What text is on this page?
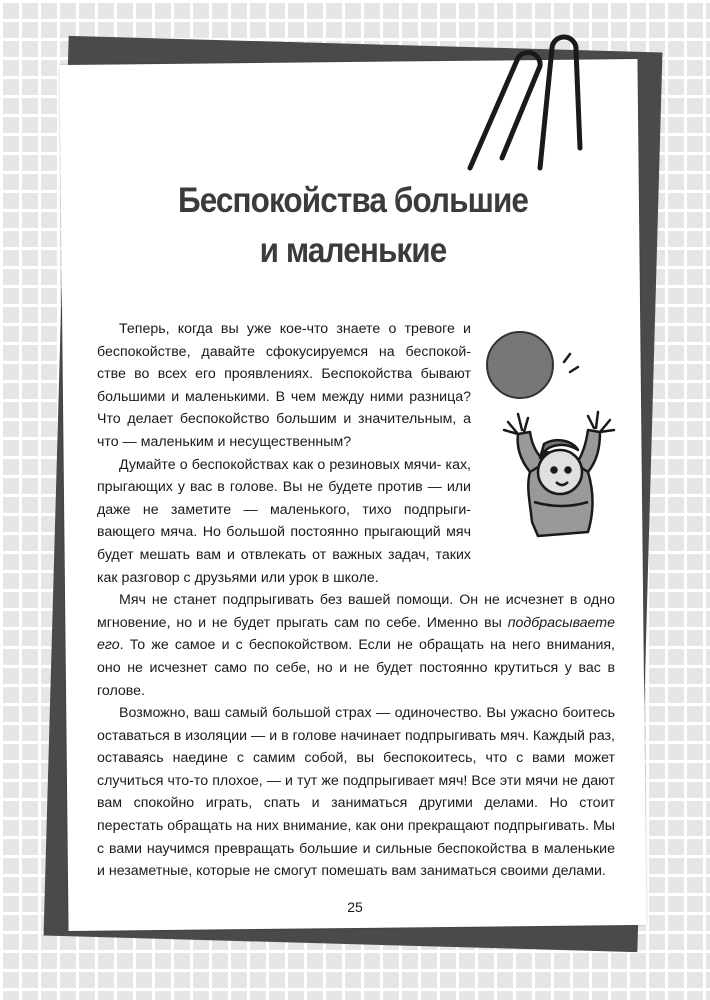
Беспокойства большие
и маленькие

Теперь, когда вы уже кое-что знаете о тревоге и беспокойстве, давайте сфокусируемся на беспокой- стве во всех его проявлениях. Беспокойства бывают большими и маленькими. В чем между ними разница? Что делает беспокойство большим и значительным, а что — маленьким и несущественным?

Думайте о беспокойствах как о резиновых мячи- ках, прыгающих у вас в голове. Вы не будете против — или даже не заметите — маленького, тихо подпрыги- вающего мяча. Но большой постоянно прыгающий мяч будет мешать вам и отвлекать от важных задач, таких как разговор с друзьями или урок в школе.

Мяч не станет подпрыгивать без вашей помощи. Он не исчезнет в одно мгновение, но и не будет прыгать сам по себе. Именно вы подбрасываете его. То же самое и с беспокойством. Если не обращать на него внимания, оно не исчезнет само по себе, но и не будет постоянно крутиться у вас в голове.

Возможно, ваш самый большой страх — одиночество. Вы ужасно боитесь оставаться в изоляции — и в голове начинает подпрыгивать мяч. Каждый раз, оставаясь наедине с самим собой, вы беспокоитесь, что с вами может случиться что-то плохое, — и тут же подпрыгивает мяч! Все эти мячи не дают вам спокойно играть, спать и заниматься другими делами. Но стоит перестать обращать на них внимание, как они прекращают подпрыгивать. Мы с вами научимся превращать большие и сильные беспокойства в маленькие и незаметные, которые не смогут помешать вам заниматься своими делами.

25
